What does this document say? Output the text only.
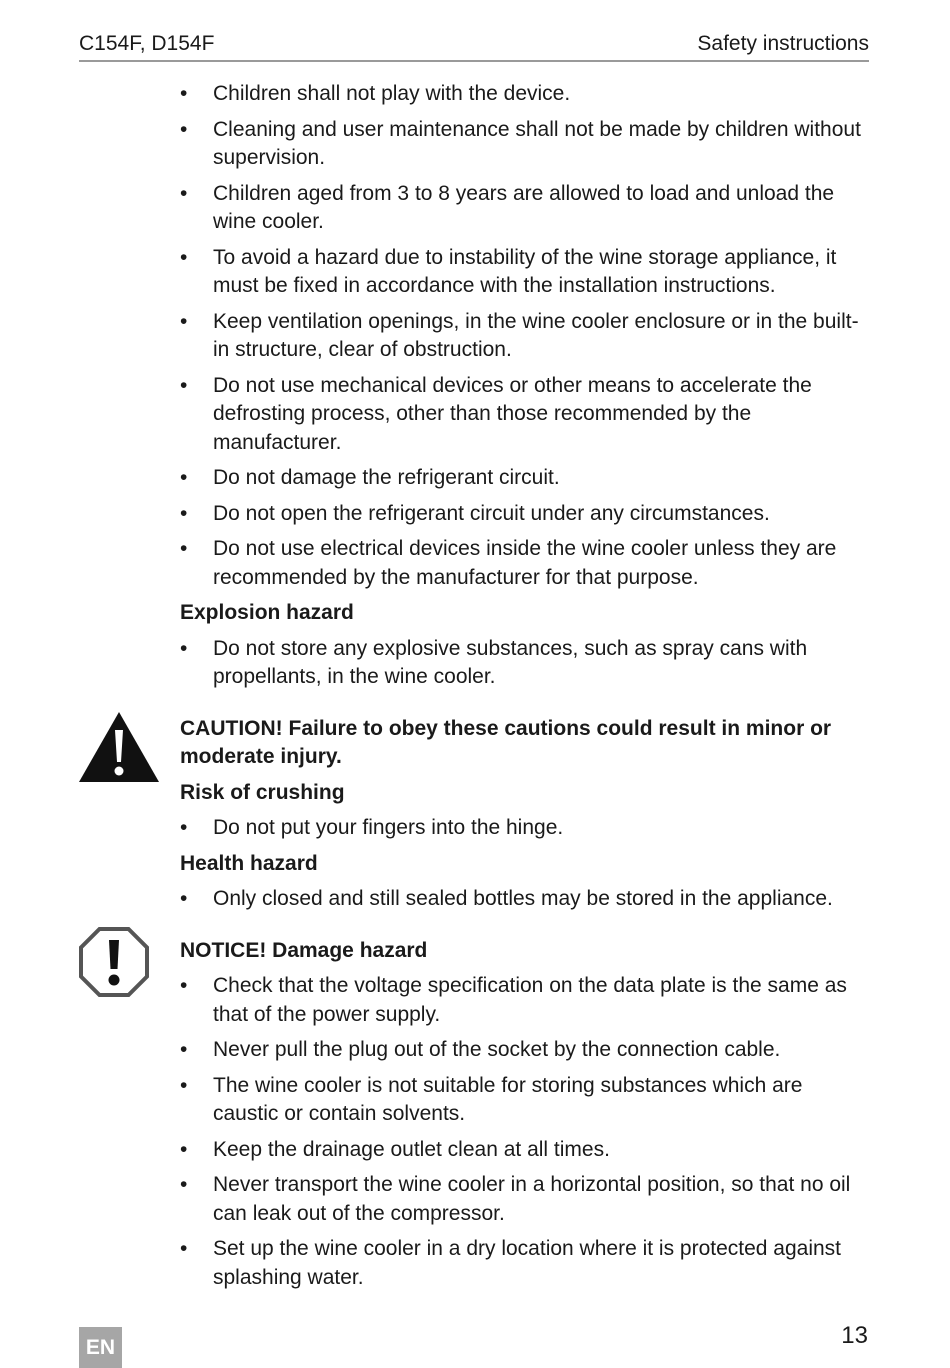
C154F, D154F	Safety instructions
• Children shall not play with the device.
• Cleaning and user maintenance shall not be made by children without supervision.
• Children aged from 3 to 8 years are allowed to load and unload the wine cooler.
• To avoid a hazard due to instability of the wine storage appliance, it must be fixed in accordance with the installation instructions.
• Keep ventilation openings, in the wine cooler enclosure or in the built-in structure, clear of obstruction.
• Do not use mechanical devices or other means to accelerate the defrosting process, other than those recommended by the manufacturer.
• Do not damage the refrigerant circuit.
• Do not open the refrigerant circuit under any circumstances.
• Do not use electrical devices inside the wine cooler unless they are recommended by the manufacturer for that purpose.
Explosion hazard
• Do not store any explosive substances, such as spray cans with propellants, in the wine cooler.
CAUTION! Failure to obey these cautions could result in minor or moderate injury.
Risk of crushing
• Do not put your fingers into the hinge.
Health hazard
• Only closed and still sealed bottles may be stored in the appliance.
NOTICE! Damage hazard
• Check that the voltage specification on the data plate is the same as that of the power supply.
• Never pull the plug out of the socket by the connection cable.
• The wine cooler is not suitable for storing substances which are caustic or contain solvents.
• Keep the drainage outlet clean at all times.
• Never transport the wine cooler in a horizontal position, so that no oil can leak out of the compressor.
• Set up the wine cooler in a dry location where it is protected against splashing water.
EN	13
